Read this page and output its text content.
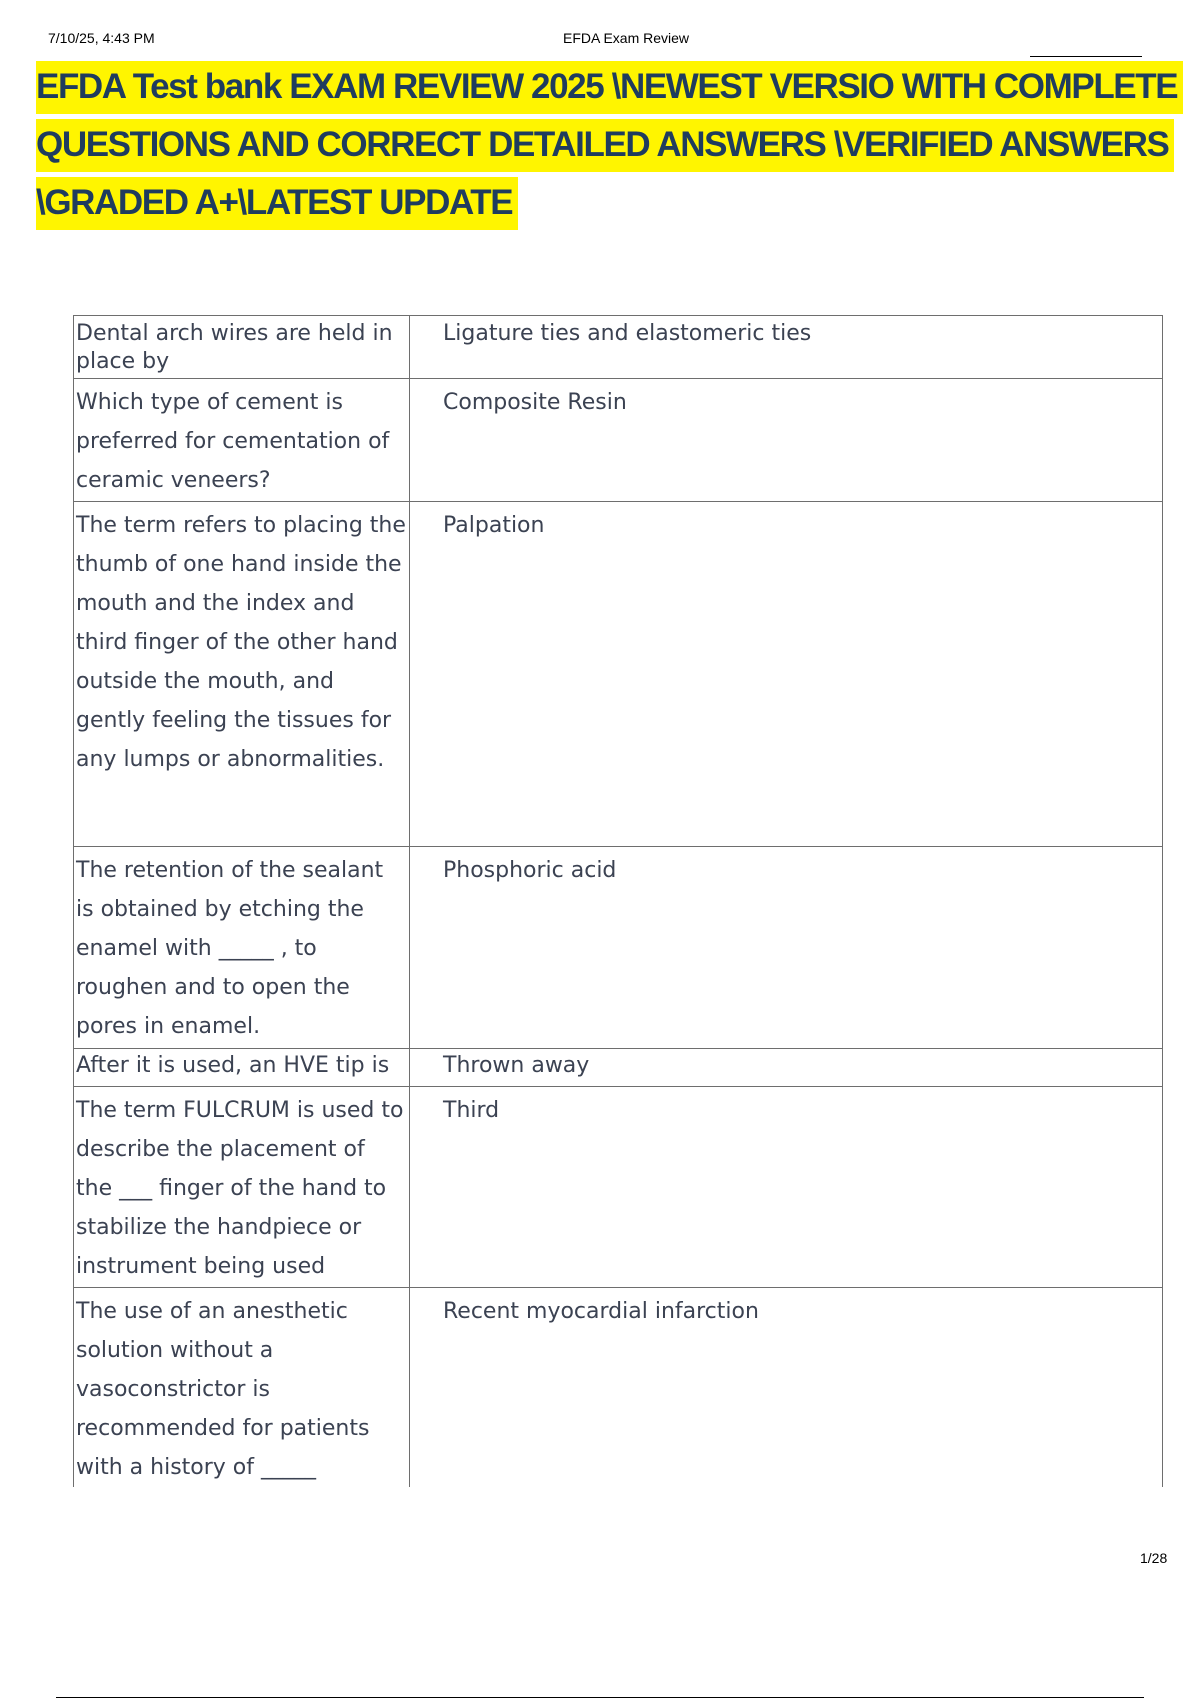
7/10/25, 4:43 PM	EFDA Exam Review
EFDA Test bank EXAM REVIEW 2025 \NEWEST VERSIO WITH COMPLETE QUESTIONS AND CORRECT DETAILED ANSWERS \VERIFIED ANSWERS \GRADED A+\LATEST UPDATE
Dental arch wires are held in place by	Ligature ties and elastomeric ties
Which type of cement is preferred for cementation of ceramic veneers?	Composite Resin
The term refers to placing the thumb of one hand inside the mouth and the index and third finger of the other hand outside the mouth, and gently feeling the tissues for any lumps or abnormalities.	Palpation
The retention of the sealant is obtained by etching the enamel with _____ , to roughen and to open the pores in enamel.	Phosphoric acid
After it is used, an HVE tip is	Thrown away
The term FULCRUM is used to describe the placement of the ___ finger of the hand to stabilize the handpiece or instrument being used	Third
The use of an anesthetic solution without a vasoconstrictor is recommended for patients with a history of _____	Recent myocardial infarction
1/28
